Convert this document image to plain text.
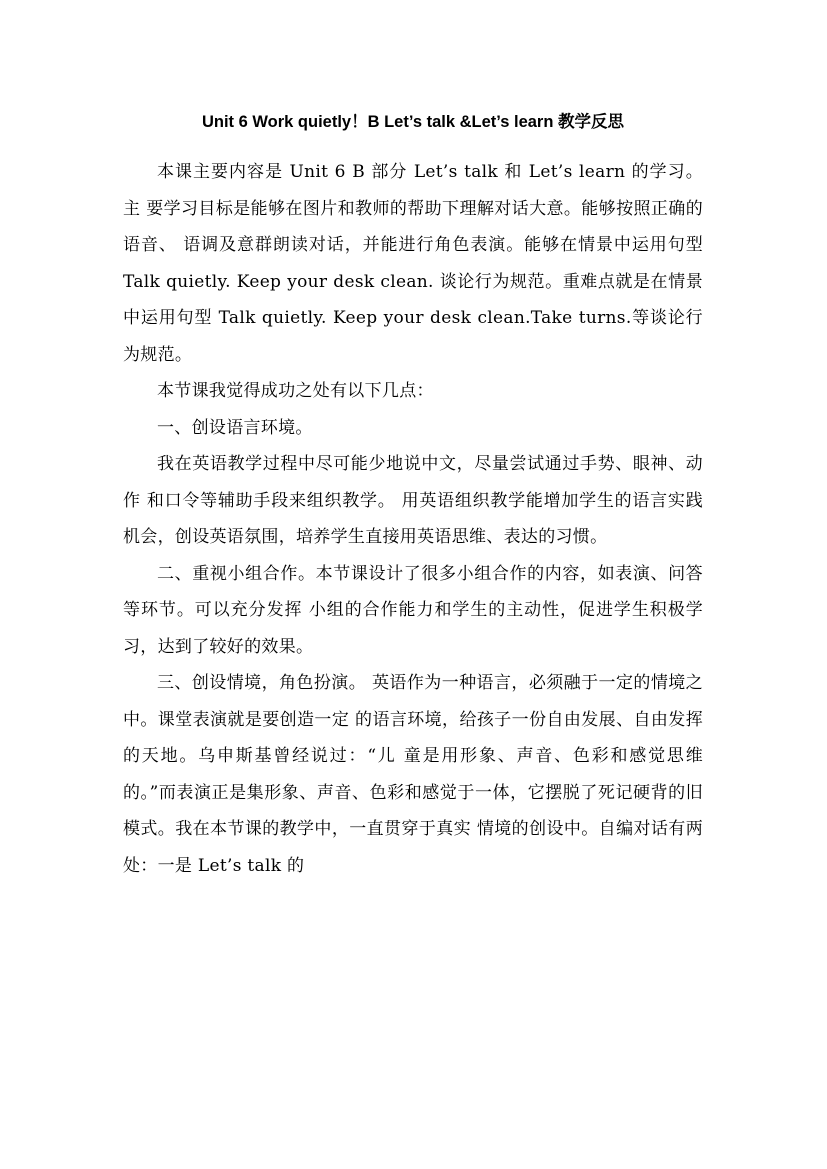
Unit 6 Work quietly！B Let’s talk &Let’s learn 教学反思

本课主要内容是 Unit 6 B 部分 Let’s talk 和 Let’s learn 的学习。主 要学习目标是能够在图片和教师的帮助下理解对话大意。能够按照正确的语音、 语调及意群朗读对话，并能进行角色表演。能够在情景中运用句型 Talk quietly. Keep your desk clean. 谈论行为规范。重难点就是在情景中运用句型 Talk quietly. Keep your desk clean.Take turns.等谈论行为规范。

本节课我觉得成功之处有以下几点：

一、创设语言环境。

我在英语教学过程中尽可能少地说中文，尽量尝试通过手势、眼神、动作 和口令等辅助手段来组织教学。 用英语组织教学能增加学生的语言实践机会，创设英语氛围，培养学生直接用英语思维、表达的习惯。

二、重视小组合作。本节课设计了很多小组合作的内容，如表演、问答等环节。可以充分发挥 小组的合作能力和学生的主动性，促进学生积极学习，达到了较好的效果。

三、创设情境，角色扮演。 英语作为一种语言，必须融于一定的情境之中。课堂表演就是要创造一定 的语言环境，给孩子一份自由发展、自由发挥的天地。乌申斯基曾经说过：“儿 童是用形象、声音、色彩和感觉思维的。”而表演正是集形象、声音、色彩和感觉于一体，它摆脱了死记硬背的旧模式。我在本节课的教学中，一直贯穿于真实 情境的创设中。自编对话有两处：一是 Let’s talk 的
